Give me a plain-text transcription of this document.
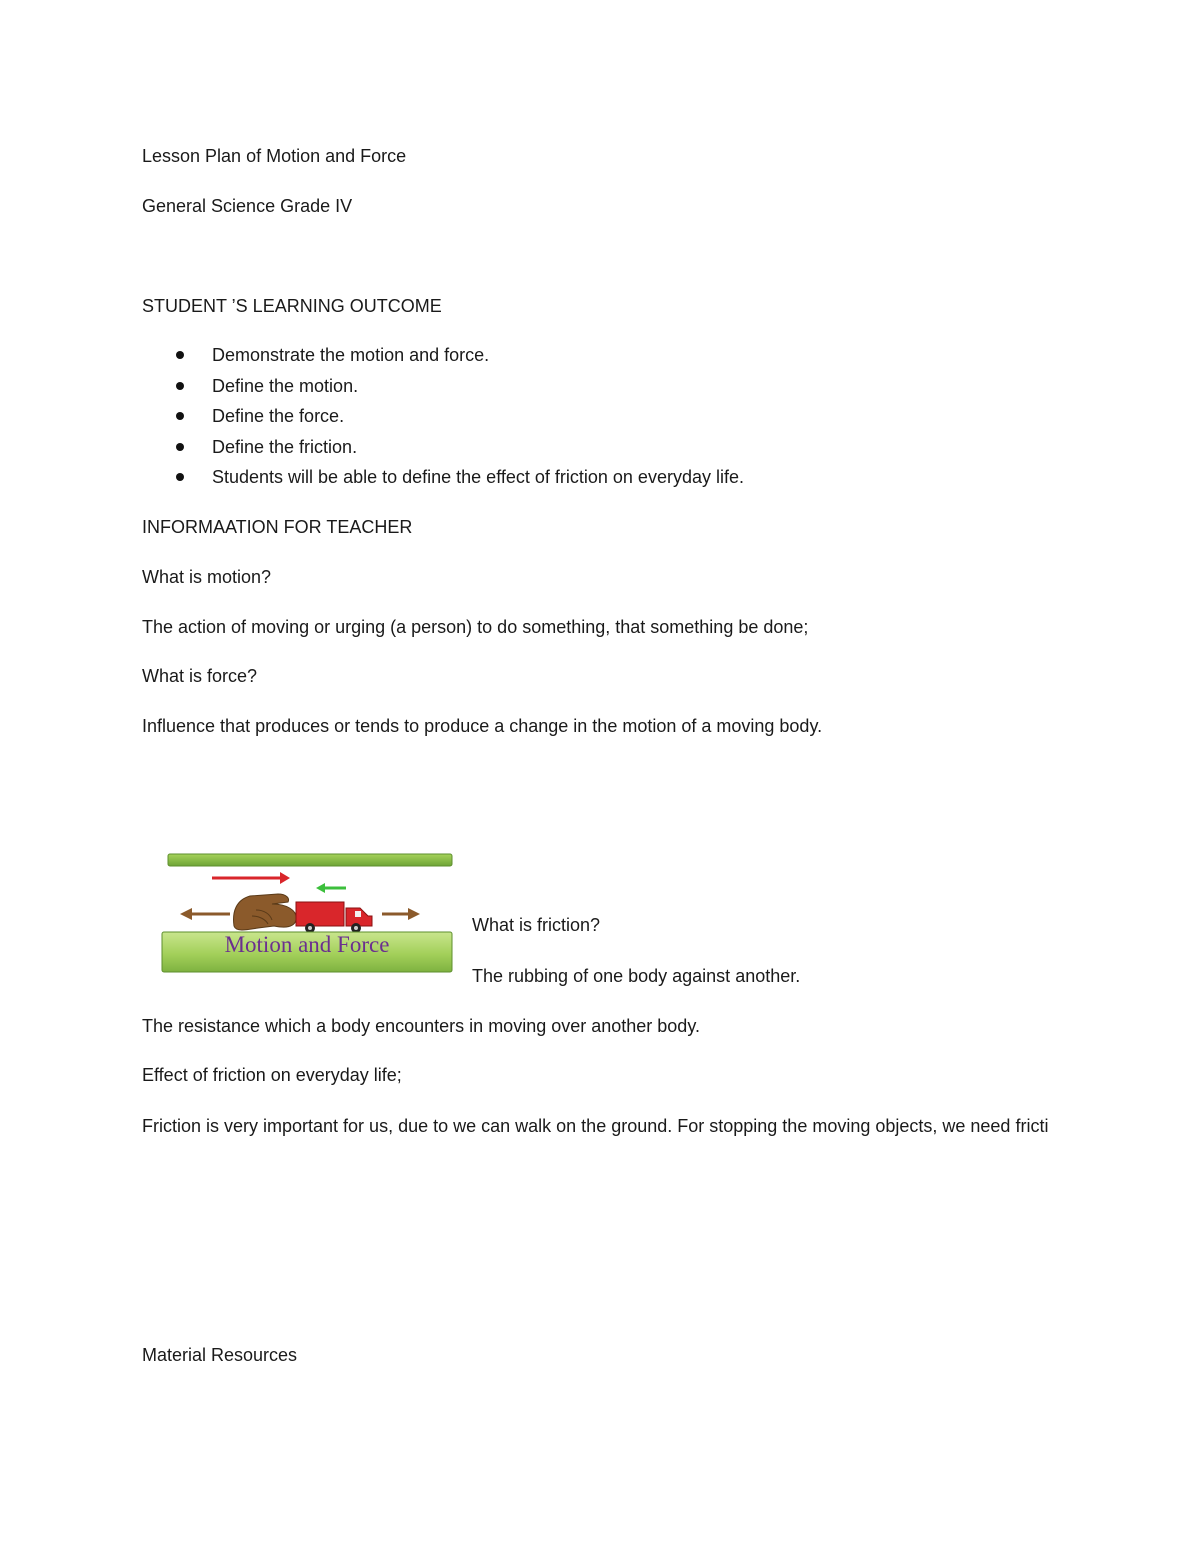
Lesson Plan of Motion and Force

General Science Grade IV

STUDENT ’S LEARNING OUTCOME

Demonstrate the motion and force.
Define the motion.
Define the force.
Define the friction.
Students will be able to define the effect of friction on everyday life.

INFORMAATION FOR TEACHER

What is motion?

The action of moving or urging (a person) to do something, that something be done;

What is force?

Influence that produces or tends to produce a change in the motion of a moving body.

Motion and Force

What is friction?

The rubbing of one body against another.

The resistance which a body encounters in moving over another body.

Effect of friction on everyday life;

Friction is very important for us, due to we can walk on the ground. For stopping the moving objects, we need fricti

Material Resources
